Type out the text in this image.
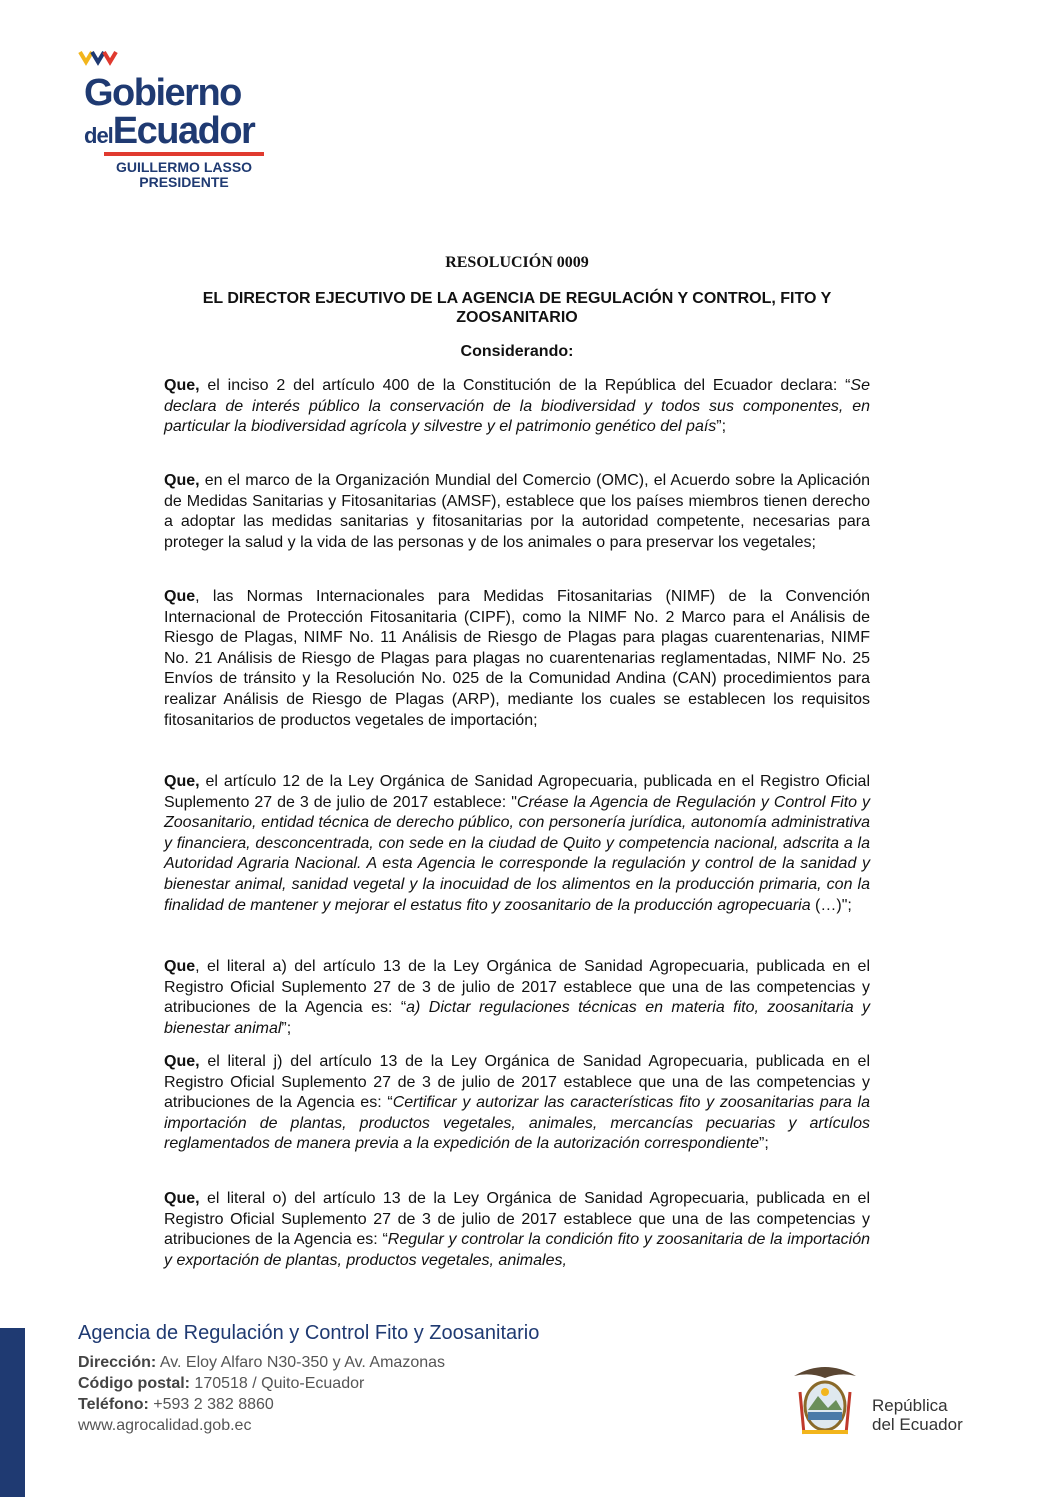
Gobierno
delEcuador
GUILLERMO LASSO
PRESIDENTE
RESOLUCIÓN 0009
EL DIRECTOR EJECUTIVO DE LA AGENCIA DE REGULACIÓN Y CONTROL, FITO Y ZOOSANITARIO
Considerando:

Que, el inciso 2 del artículo 400 de la Constitución de la República del Ecuador declara: “Se declara de interés público la conservación de la biodiversidad y todos sus componentes, en particular la biodiversidad agrícola y silvestre y el patrimonio genético del país”;

Que, en el marco de la Organización Mundial del Comercio (OMC), el Acuerdo sobre la Aplicación de Medidas Sanitarias y Fitosanitarias (AMSF), establece que los países miembros tienen derecho a adoptar las medidas sanitarias y fitosanitarias por la autoridad competente, necesarias para proteger la salud y la vida de las personas y de los animales o para preservar los vegetales;

Que, las Normas Internacionales para Medidas Fitosanitarias (NIMF) de la Convención Internacional de Protección Fitosanitaria (CIPF), como la NIMF No. 2 Marco para el Análisis de Riesgo de Plagas, NIMF No. 11 Análisis de Riesgo de Plagas para plagas cuarentenarias, NIMF No. 21 Análisis de Riesgo de Plagas para plagas no cuarentenarias reglamentadas, NIMF No. 25 Envíos de tránsito y la Resolución No. 025 de la Comunidad Andina (CAN) procedimientos para realizar Análisis de Riesgo de Plagas (ARP), mediante los cuales se establecen los requisitos fitosanitarios de productos vegetales de importación;

Que, el artículo 12 de la Ley Orgánica de Sanidad Agropecuaria, publicada en el Registro Oficial Suplemento 27 de 3 de julio de 2017 establece: "Créase la Agencia de Regulación y Control Fito y Zoosanitario, entidad técnica de derecho público, con personería jurídica, autonomía administrativa y financiera, desconcentrada, con sede en la ciudad de Quito y competencia nacional, adscrita a la Autoridad Agraria Nacional. A esta Agencia le corresponde la regulación y control de la sanidad y bienestar animal, sanidad vegetal y la inocuidad de los alimentos en la producción primaria, con la finalidad de mantener y mejorar el estatus fito y zoosanitario de la producción agropecuaria (…)";

Que, el literal a) del artículo 13 de la Ley Orgánica de Sanidad Agropecuaria, publicada en el Registro Oficial Suplemento 27 de 3 de julio de 2017 establece que una de las competencias y atribuciones de la Agencia es: “a) Dictar regulaciones técnicas en materia fito, zoosanitaria y bienestar animal”;

Que, el literal j) del artículo 13 de la Ley Orgánica de Sanidad Agropecuaria, publicada en el Registro Oficial Suplemento 27 de 3 de julio de 2017 establece que una de las competencias y atribuciones de la Agencia es: “Certificar y autorizar las características fito y zoosanitarias para la importación de plantas, productos vegetales, animales, mercancías pecuarias y artículos reglamentados de manera previa a la expedición de la autorización correspondiente”;

Que, el literal o) del artículo 13 de la Ley Orgánica de Sanidad Agropecuaria, publicada en el Registro Oficial Suplemento 27 de 3 de julio de 2017 establece que una de las competencias y atribuciones de la Agencia es: “Regular y controlar la condición fito y zoosanitaria de la importación y exportación de plantas, productos vegetales, animales,

Agencia de Regulación y Control Fito y Zoosanitario
Dirección: Av. Eloy Alfaro N30-350 y Av. Amazonas
Código postal: 170518 / Quito-Ecuador
Teléfono: +593 2 382 8860
www.agrocalidad.gob.ec
República
del Ecuador
